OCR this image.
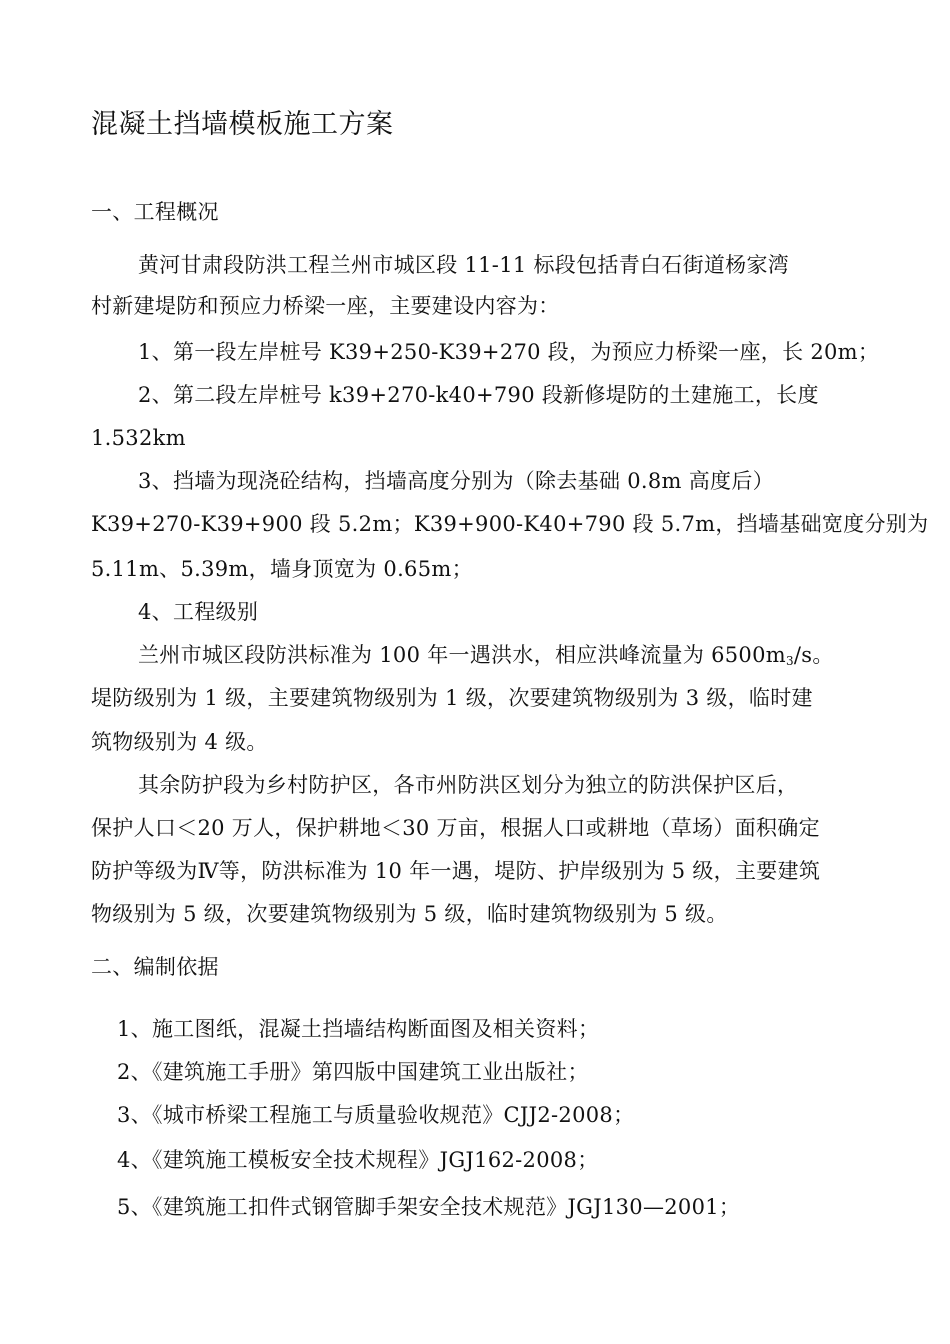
混凝土挡墙模板施工方案
一、工程概况
黄河甘肃段防洪工程兰州市城区段 11-11 标段包括青白石街道杨家湾
村新建堤防和预应力桥梁一座，主要建设内容为：
1、第一段左岸桩号 K39+250-K39+270 段，为预应力桥梁一座，长 20m；
2、第二段左岸桩号 k39+270-k40+790 段新修堤防的土建施工，长度
1.532km
3、挡墙为现浇砼结构，挡墙高度分别为（除去基础 0.8m 高度后）
K39+270-K39+900 段 5.2m；K39+900-K40+790 段 5.7m，挡墙基础宽度分别为
5.11m、5.39m，墙身顶宽为 0.65m；
4、工程级别
兰州市城区段防洪标准为 100 年一遇洪水，相应洪峰流量为 $6500m_3/s$。
堤防级别为 1 级，主要建筑物级别为 1 级，次要建筑物级别为 3 级，临时建
筑物级别为 4 级。
其余防护段为乡村防护区，各市州防洪区划分为独立的防洪保护区后，
保护人口＜20 万人，保护耕地＜30 万亩，根据人口或耕地（草场）面积确定
防护等级为Ⅳ等，防洪标准为 10 年一遇，堤防、护岸级别为 5 级，主要建筑
物级别为 5 级，次要建筑物级别为 5 级，临时建筑物级别为 5 级。
二、编制依据
1、施工图纸，混凝土挡墙结构断面图及相关资料；
2、《建筑施工手册》第四版中国建筑工业出版社；
3、《城市桥梁工程施工与质量验收规范》CJJ2-2008；
4、《建筑施工模板安全技术规程》JGJ162-2008；
5、《建筑施工扣件式钢管脚手架安全技术规范》JGJ130—2001；
